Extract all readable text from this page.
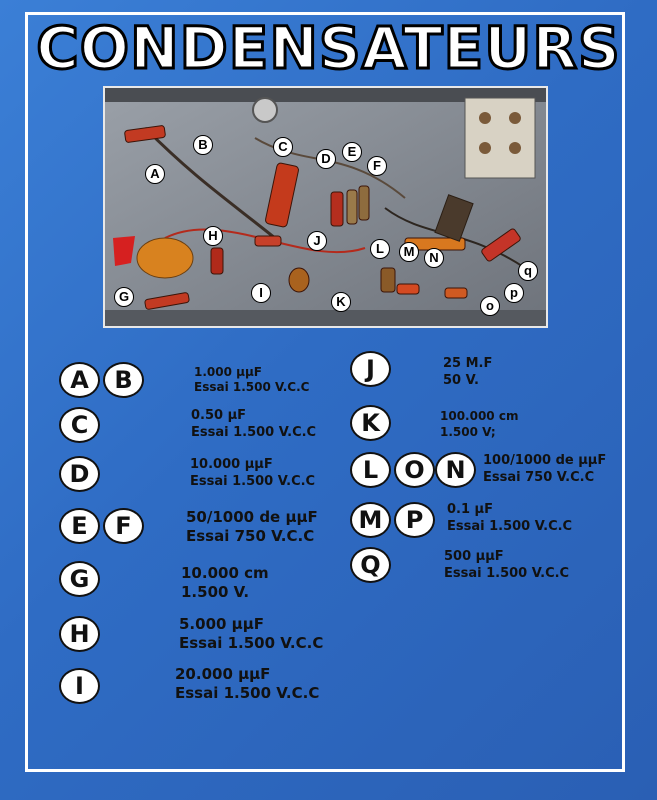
CONDENSATEURS
A
B	C
D	E
F
G
H
I
J
K
L	M	N
o
p
q
A	B	1.000 µµF
Essai 1.500 V.C.C
C	0.50 µF
Essai 1.500 V.C.C
D	10.000 µµF
Essai 1.500 V.C.C
E	F	50/1000 de µµF
Essai 750 V.C.C
G	10.000 cm
1.500 V.
H	5.000 µµF
Essai 1.500 V.C.C
I	20.000 µµF
Essai 1.500 V.C.C
J	25 M.F
50 V.
K	100.000 cm
1.500 V;
L	O N	100/1000 de µµF
Essai 750 V.C.C
M P	0.1 µF
Essai 1.500 V.C.C
Q	500 µµF
Essai 1.500 V.C.C
